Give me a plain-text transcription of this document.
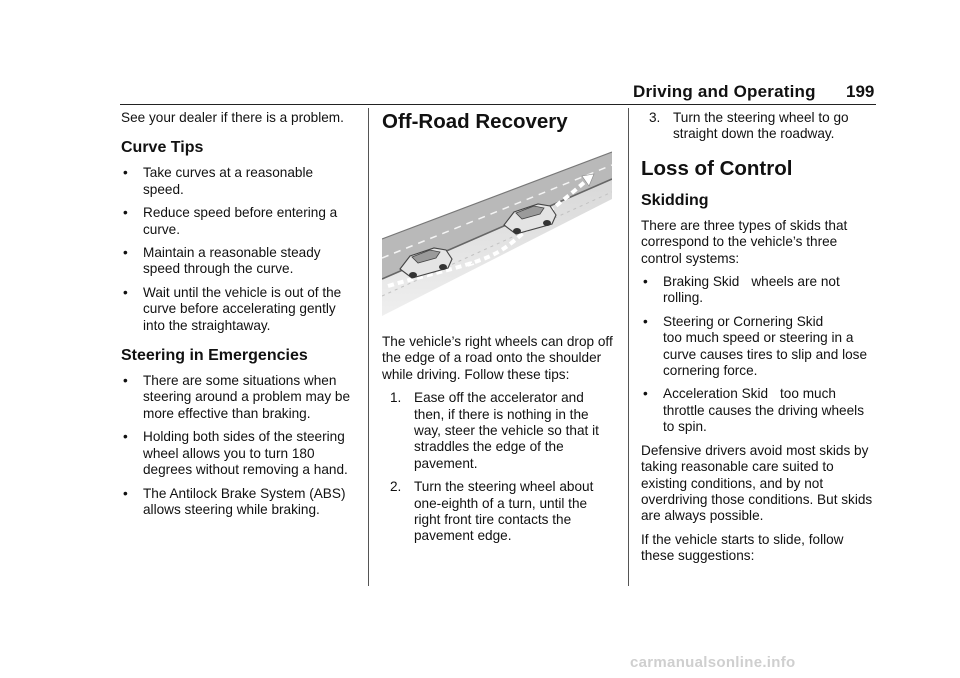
Driving and Operating 199

See your dealer if there is a problem.

Curve Tips
• Take curves at a reasonable speed.
• Reduce speed before entering a curve.
• Maintain a reasonable steady speed through the curve.
• Wait until the vehicle is out of the curve before accelerating gently into the straightaway.
Steering in Emergencies
• There are some situations when steering around a problem may be more effective than braking.
• Holding both sides of the steering wheel allows you to turn 180 degrees without removing a hand.
• The Antilock Brake System (ABS) allows steering while braking.
Off-Road Recovery

The vehicle’s right wheels can drop off the edge of a road onto the shoulder while driving. Follow these tips:

1. Ease off the accelerator and then, if there is nothing in the way, steer the vehicle so that it straddles the edge of the pavement.
2. Turn the steering wheel about one-eighth of a turn, until the right front tire contacts the pavement edge.
3. Turn the steering wheel to go straight down the roadway.
Loss of Control
Skidding

There are three types of skids that correspond to the vehicle’s three control systems:

• Braking Skid wheels are not rolling.
• Steering or Cornering Skid
too much speed or steering in a curve causes tires to slip and lose cornering force.
• Acceleration Skid too much throttle causes the driving wheels to spin.

Defensive drivers avoid most skids by taking reasonable care suited to existing conditions, and by not overdriving those conditions. But skids are always possible.

If the vehicle starts to slide, follow these suggestions:

carmanualsonline.info
